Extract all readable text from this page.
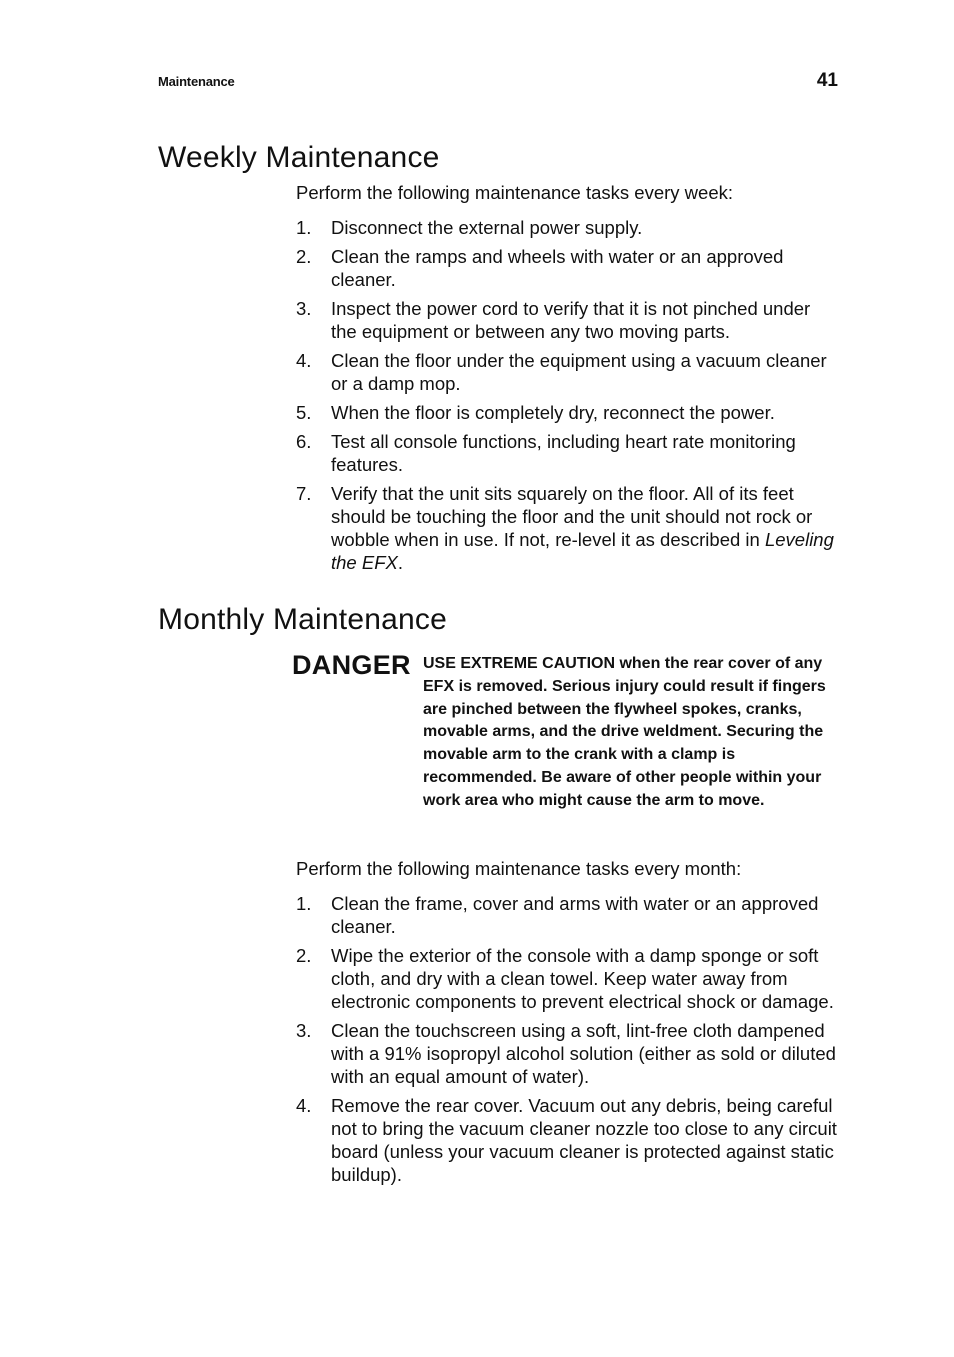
Maintenance	41
Weekly Maintenance

Perform the following maintenance tasks every week:

1. Disconnect the external power supply.
2. Clean the ramps and wheels with water or an approved cleaner.
3. Inspect the power cord to verify that it is not pinched under the equipment or between any two moving parts.
4. Clean the floor under the equipment using a vacuum cleaner or a damp mop.
5. When the floor is completely dry, reconnect the power.
6. Test all console functions, including heart rate monitoring features.
7. Verify that the unit sits squarely on the floor. All of its feet should be touching the floor and the unit should not rock or wobble when in use. If not, re-level it as described in Leveling the EFX.
Monthly Maintenance
DANGER USE EXTREME CAUTION when the rear cover of any EFX is removed. Serious injury could result if fingers are pinched between the flywheel spokes, cranks, movable arms, and the drive weldment. Securing the movable arm to the crank with a clamp is recommended. Be aware of other people within your work area who might cause the arm to move.

Perform the following maintenance tasks every month:

1. Clean the frame, cover and arms with water or an approved cleaner.
2. Wipe the exterior of the console with a damp sponge or soft cloth, and dry with a clean towel. Keep water away from electronic components to prevent electrical shock or damage.
3. Clean the touchscreen using a soft, lint-free cloth dampened with a 91% isopropyl alcohol solution (either as sold or diluted with an equal amount of water).
4. Remove the rear cover. Vacuum out any debris, being careful not to bring the vacuum cleaner nozzle too close to any circuit board (unless your vacuum cleaner is protected against static buildup).
